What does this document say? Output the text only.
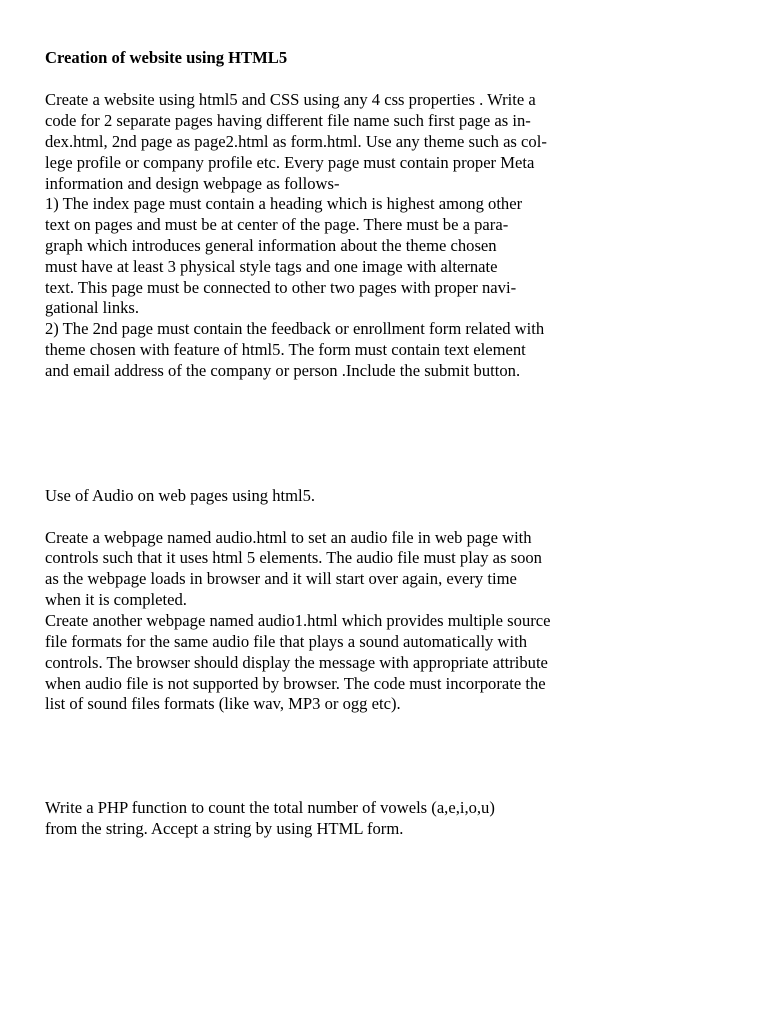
Creation of website using HTML5

Create a website using html5 and CSS using any 4 css properties . Write a

code for 2 separate pages having different file name such first page as in-

dex.html, 2nd page as page2.html as form.html. Use any theme such as col-

lege profile or company profile etc. Every page must contain proper Meta

information and design webpage as follows-

1) The index page must contain a heading which is highest among other

text on pages and must be at center of the page. There must be a para-

graph which introduces general information about the theme chosen

must have at least 3 physical style tags and one image with alternate

text. This page must be connected to other two pages with proper navi-

gational links.

2) The 2nd page must contain the feedback or enrollment form related with

theme chosen with feature of html5. The form must contain text element

and email address of the company or person .Include the submit button.

Use of Audio on web pages using html5.

Create a webpage named audio.html to set an audio file in web page with

controls such that it uses html 5 elements. The audio file must play as soon

as the webpage loads in browser and it will start over again, every time

when it is completed.

Create another webpage named audio1.html which provides multiple source

file formats for the same audio file that plays a sound automatically with

controls. The browser should display the message with appropriate attribute

when audio file is not supported by browser. The code must incorporate the

list of sound files formats (like wav, MP3 or ogg etc).

Write a PHP function to count the total number of vowels (a,e,i,o,u)

from the string. Accept a string by using HTML form.
